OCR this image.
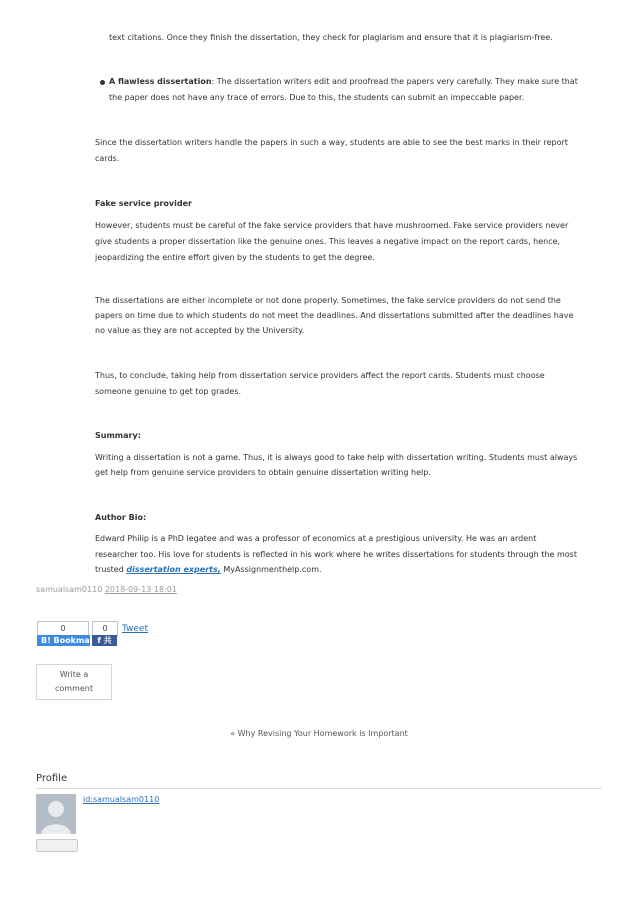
text citations. Once they finish the dissertation, they check for plagiarism and ensure that it is plagiarism-free.
A flawless dissertation: The dissertation writers edit and proofread the papers very carefully. They make sure that
the paper does not have any trace of errors. Due to this, the students can submit an impeccable paper.
Since the dissertation writers handle the papers in such a way, students are able to see the best marks in their report
cards.
Fake service provider
However, students must be careful of the fake service providers that have mushroomed. Fake service providers never
give students a proper dissertation like the genuine ones. This leaves a negative impact on the report cards, hence,
jeopardizing the entire effort given by the students to get the degree.
The dissertations are either incomplete or not done properly. Sometimes, the fake service providers do not send the
papers on time due to which students do not meet the deadlines. And dissertations submitted after the deadlines have
no value as they are not accepted by the University.
Thus, to conclude, taking help from dissertation service providers affect the report cards. Students must choose
someone genuine to get top grades.
Summary:
Writing a dissertation is not a game. Thus, it is always good to take help with dissertation writing. Students must always
get help from genuine service providers to obtain genuine dissertation writing help.
Author Bio:
Edward Philip is a PhD legatee and was a professor of economics at a prestigious university. He was an ardent
researcher too. His love for students is reflected in his work where he writes dissertations for students through the most
trusted dissertation experts, MyAssignmenthelp.com.
samualsam0110 2018-09-13 18:01
0
B! Bookma
0
f 共
Tweet
Write a
comment
« Why Revising Your Homework is Important
Profile
id:samualsam0110
